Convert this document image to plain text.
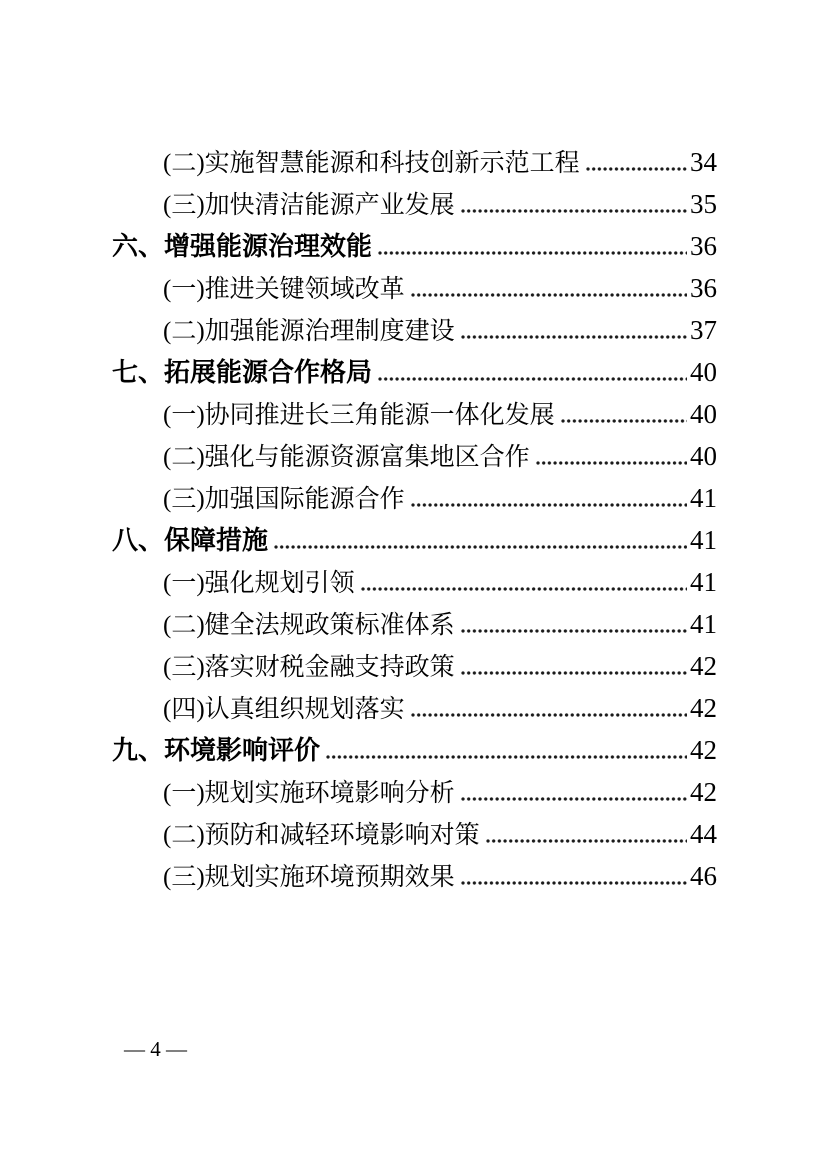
(二)实施智慧能源和科技创新示范工程	34
(三)加快清洁能源产业发展	35
六、增强能源治理效能	36
(一)推进关键领域改革	36
(二)加强能源治理制度建设	37
七、拓展能源合作格局	40
(一)协同推进长三角能源一体化发展	40
(二)强化与能源资源富集地区合作	40
(三)加强国际能源合作	41
八、保障措施	41
(一)强化规划引领	41
(二)健全法规政策标准体系	41
(三)落实财税金融支持政策	42
(四)认真组织规划落实	42
九、环境影响评价	42
(一)规划实施环境影响分析	42
(二)预防和减轻环境影响对策	44
(三)规划实施环境预期效果	46
— 4 —
